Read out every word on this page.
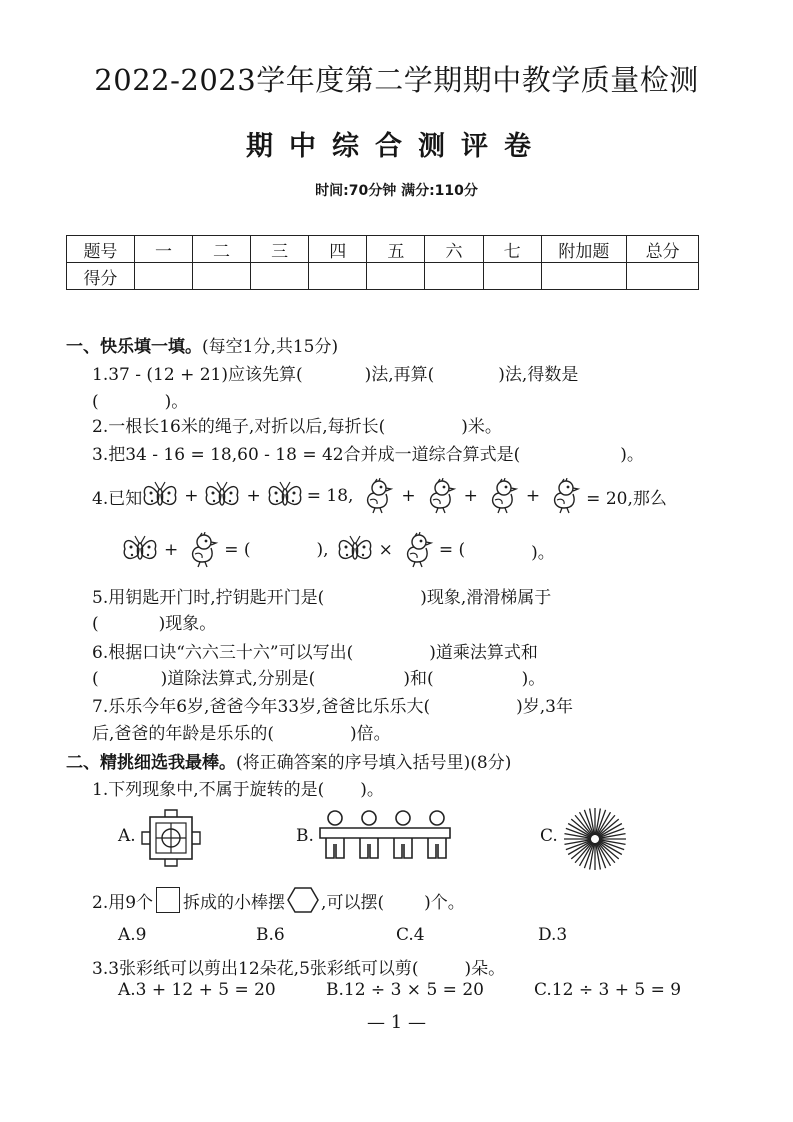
2022-2023学年度第二学期期中教学质量检测
期中综合测评卷
时间:70分钟 满分:110分
题号	一	二	三	四	五	六	七	附加题	总分
得分									
一、快乐填一填。(每空1分,共15分)
1.37 - (12 + 21)应该先算(	)法,再算(	)法,得数是
(	)。
2.一根长16米的绳子,对折以后,每折长(	)米。
3.把34 - 16 = 18,60 - 18 = 42合并成一道综合算式是(	)。
4.已知 +	+	= 18,	+	+	+	= 20,那么
+	= (	),	×	= (	)。
5.用钥匙开门时,拧钥匙开门是(	)现象,滑滑梯属于
(	)现象。
6.根据口诀“六六三十六”可以写出(	)道乘法算式和
(	)道除法算式,分别是(	)和(	)。
7.乐乐今年6岁,爸爸今年33岁,爸爸比乐乐大(	)岁,3年
后,爸爸的年龄是乐乐的(	)倍。
二、精挑细选我最棒。(将正确答案的序号填入括号里)(8分)
1.下列现象中,不属于旋转的是( )。
A.	B.	C.
2.用9个 拆成的小棒摆 ,可以摆( )个。
A.9	B.6	C.4	D.3
3.3张彩纸可以剪出12朵花,5张彩纸可以剪(	)朵。
A.3 + 12 + 5 = 20	B.12 ÷ 3 × 5 = 20	C.12 ÷ 3 + 5 = 9
— 1 —
